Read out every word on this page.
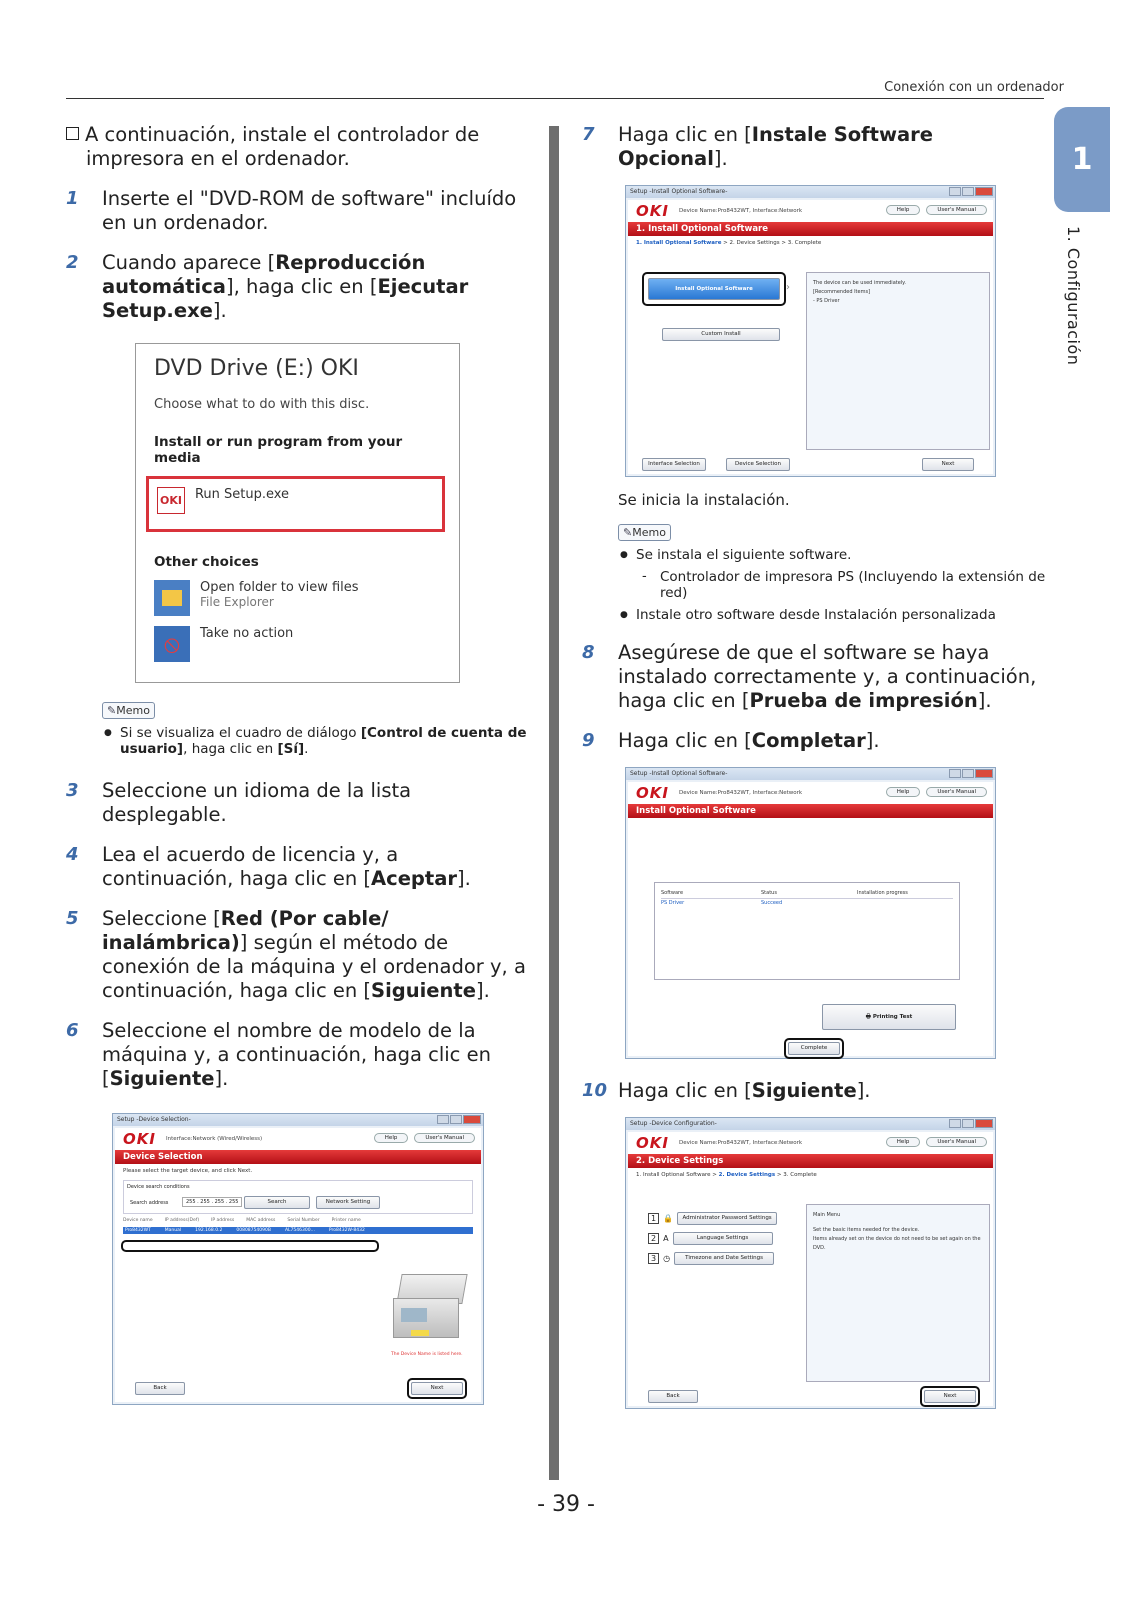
Conexión con un ordenador
1
1. Configuración

A continuación, instale el controlador de impresora en el ordenador.

1 Inserte el "DVD-ROM de software" incluído en un ordenador.
2 Cuando aparece [Reproducción automática], haga clic en [Ejecutar Setup.exe].
DVD Drive (E:) OKI
Choose what to do with this disc.
Install or run program from your media
OKI Run Setup.exe
Other choices
Open folder to view files
File Explorer
⦸	Take no action
✎Memo
● Si se visualiza el cuadro de diálogo [Control de cuenta de usuario], haga clic en [Sí].
3 Seleccione un idioma de la lista desplegable.
4 Lea el acuerdo de licencia y, a continuación, haga clic en [Aceptar].
5 Seleccione [Red (Por cable/ inalámbrica)] según el método de conexión de la máquina y el ordenador y, a continuación, haga clic en [Siguiente].
6 Seleccione el nombre de modelo de la máquina y, a continuación, haga clic en [Siguiente].
Setup -Device Selection-
OKI Interface:Network (Wired/Wireless)	Help	User's Manual
Device Selection
Please select the target device, and click Next.
Device search conditions
Search address	255 . 255 . 255 . 255	Search	Network Setting
Device name	IP address(Def)	IP address	MAC address	Serial Number	Printer name
Pro8432WT	Manual	192.168.0.2	00808754090B	AL7546300...	Pro8432W-8432
The Device Name is listed here.
Back	Next
7 Haga clic en [Instale Software Opcional].
Setup -Install Optional Software-
OKI Device Name:Pro8432WT, Interface:Network	Help	User's Manual
1. Install Optional Software
1. Install Optional Software > 2. Device Settings > 3. Complete
Install Optional Software	›
Custom Install
The device can be used immediately.
[Recommended Items]
- PS Driver
Interface Selection	Device Selection	Next

Se inicia la instalación.

✎Memo
● Se instala el siguiente software.
- Controlador de impresora PS (Incluyendo la extensión de red)
● Instale otro software desde Instalación personalizada
8 Asegúrese de que el software se haya instalado correctamente y, a continuación, haga clic en [Prueba de impresión].
9 Haga clic en [Completar].
Setup -Install Optional Software-
OKI Device Name:Pro8432WT, Interface:Network	Help	User's Manual
Install Optional Software
Software	Status	Installation progress
PS Driver	Succeed
🖶 Printing Test
Complete
10 Haga clic en [Siguiente].
Setup -Device Configuration-
OKI Device Name:Pro8432WT, Interface:Network	Help	User's Manual
2. Device Settings
1. Install Optional Software > 2. Device Settings > 3. Complete
1 🔒	Administrator Password Settings
2 A	Language Settings
3 ◷	Timezone and Date Settings
Main Menu
Set the basic items needed for the device.
Items already set on the device do not need to be set again on the DVD.
Back	Next
- 39 -
